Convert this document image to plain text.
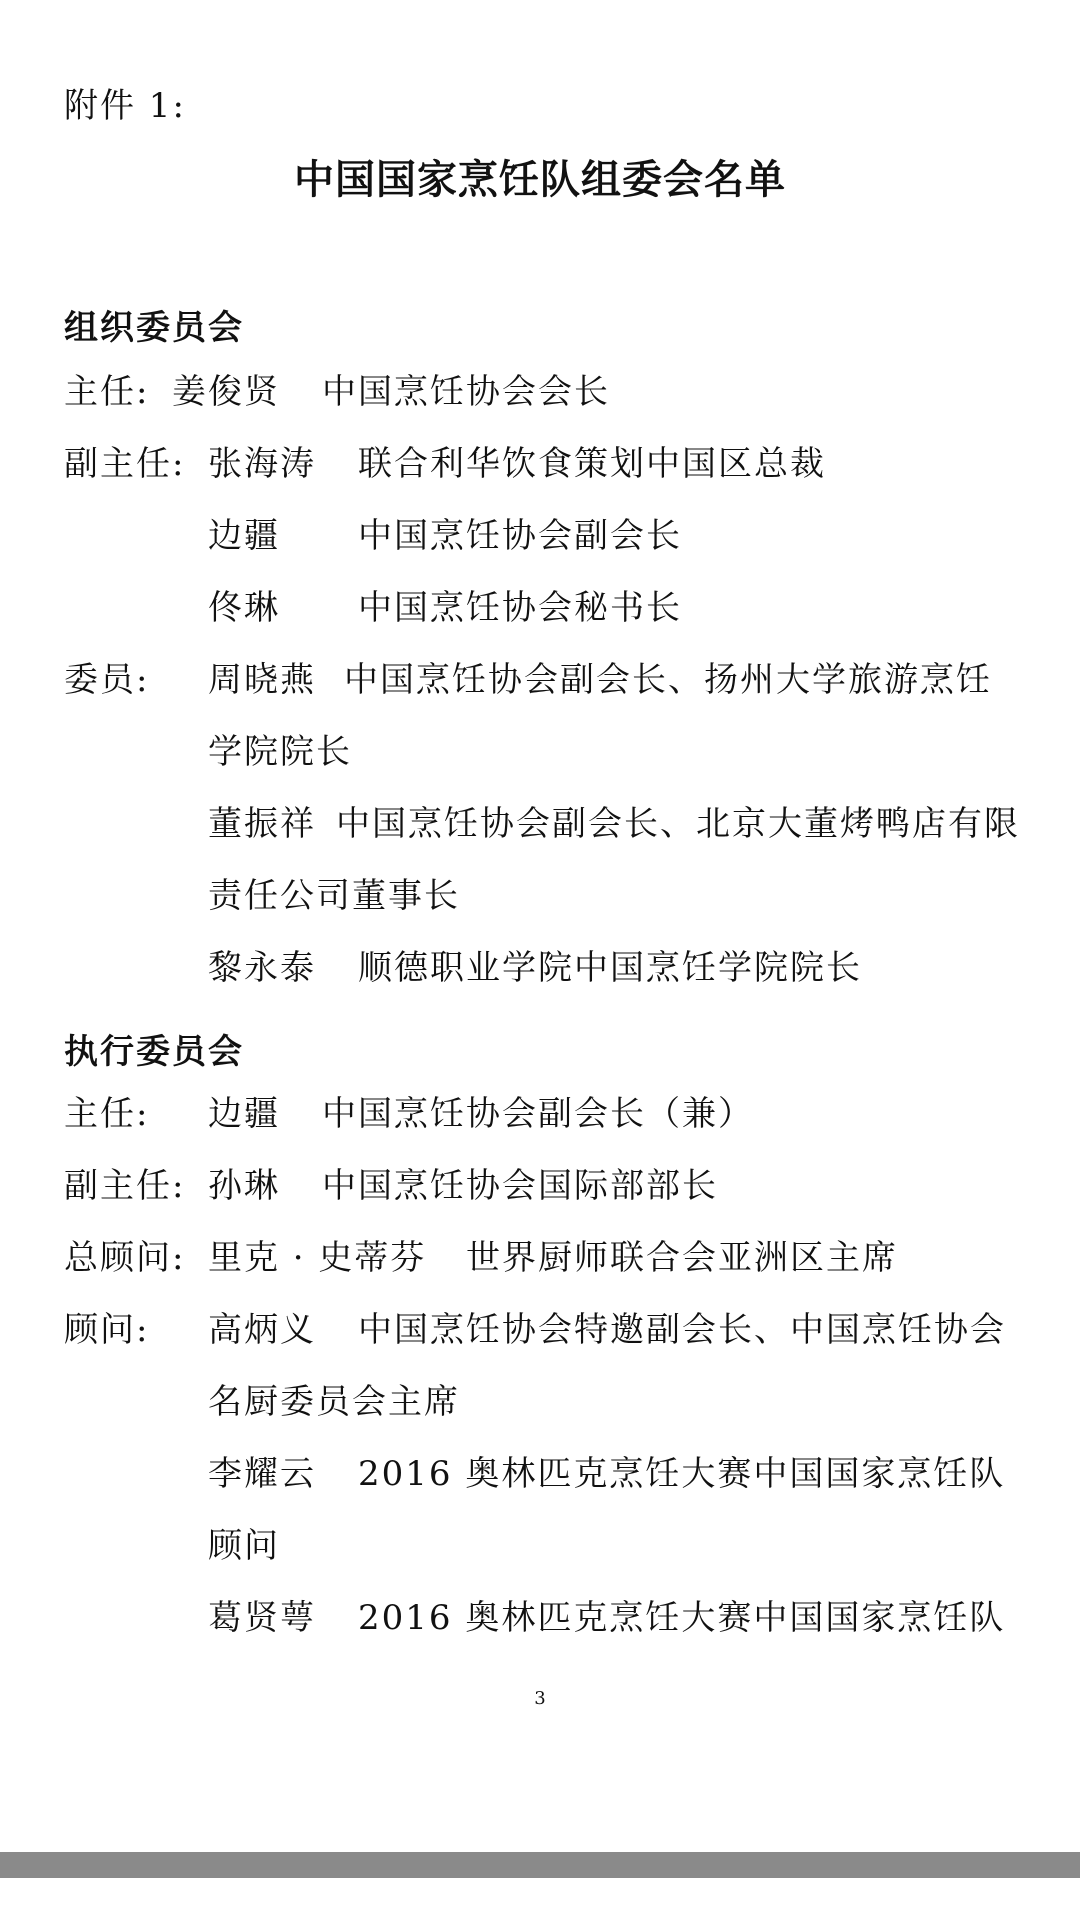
附件 1:
中国国家烹饪队组委会名单
组织委员会
主任: 姜俊贤 中国烹饪协会会长
副主任: 张海涛 联合利华饮食策划中国区总裁
边疆 中国烹饪协会副会长
佟琳 中国烹饪协会秘书长
委员: 周晓燕 中国烹饪协会副会长、扬州大学旅游烹饪
学院院长
董振祥 中国烹饪协会副会长、北京大董烤鸭店有限
责任公司董事长
黎永泰 顺德职业学院中国烹饪学院院长
执行委员会
主任: 边疆 中国烹饪协会副会长（兼）
副主任: 孙琳 中国烹饪协会国际部部长
总顾问: 里克 · 史蒂芬 世界厨师联合会亚洲区主席
顾问: 高炳义 中国烹饪协会特邀副会长、中国烹饪协会
名厨委员会主席
李耀云 2016 奥林匹克烹饪大赛中国国家烹饪队
顾问
葛贤萼 2016 奥林匹克烹饪大赛中国国家烹饪队
3
